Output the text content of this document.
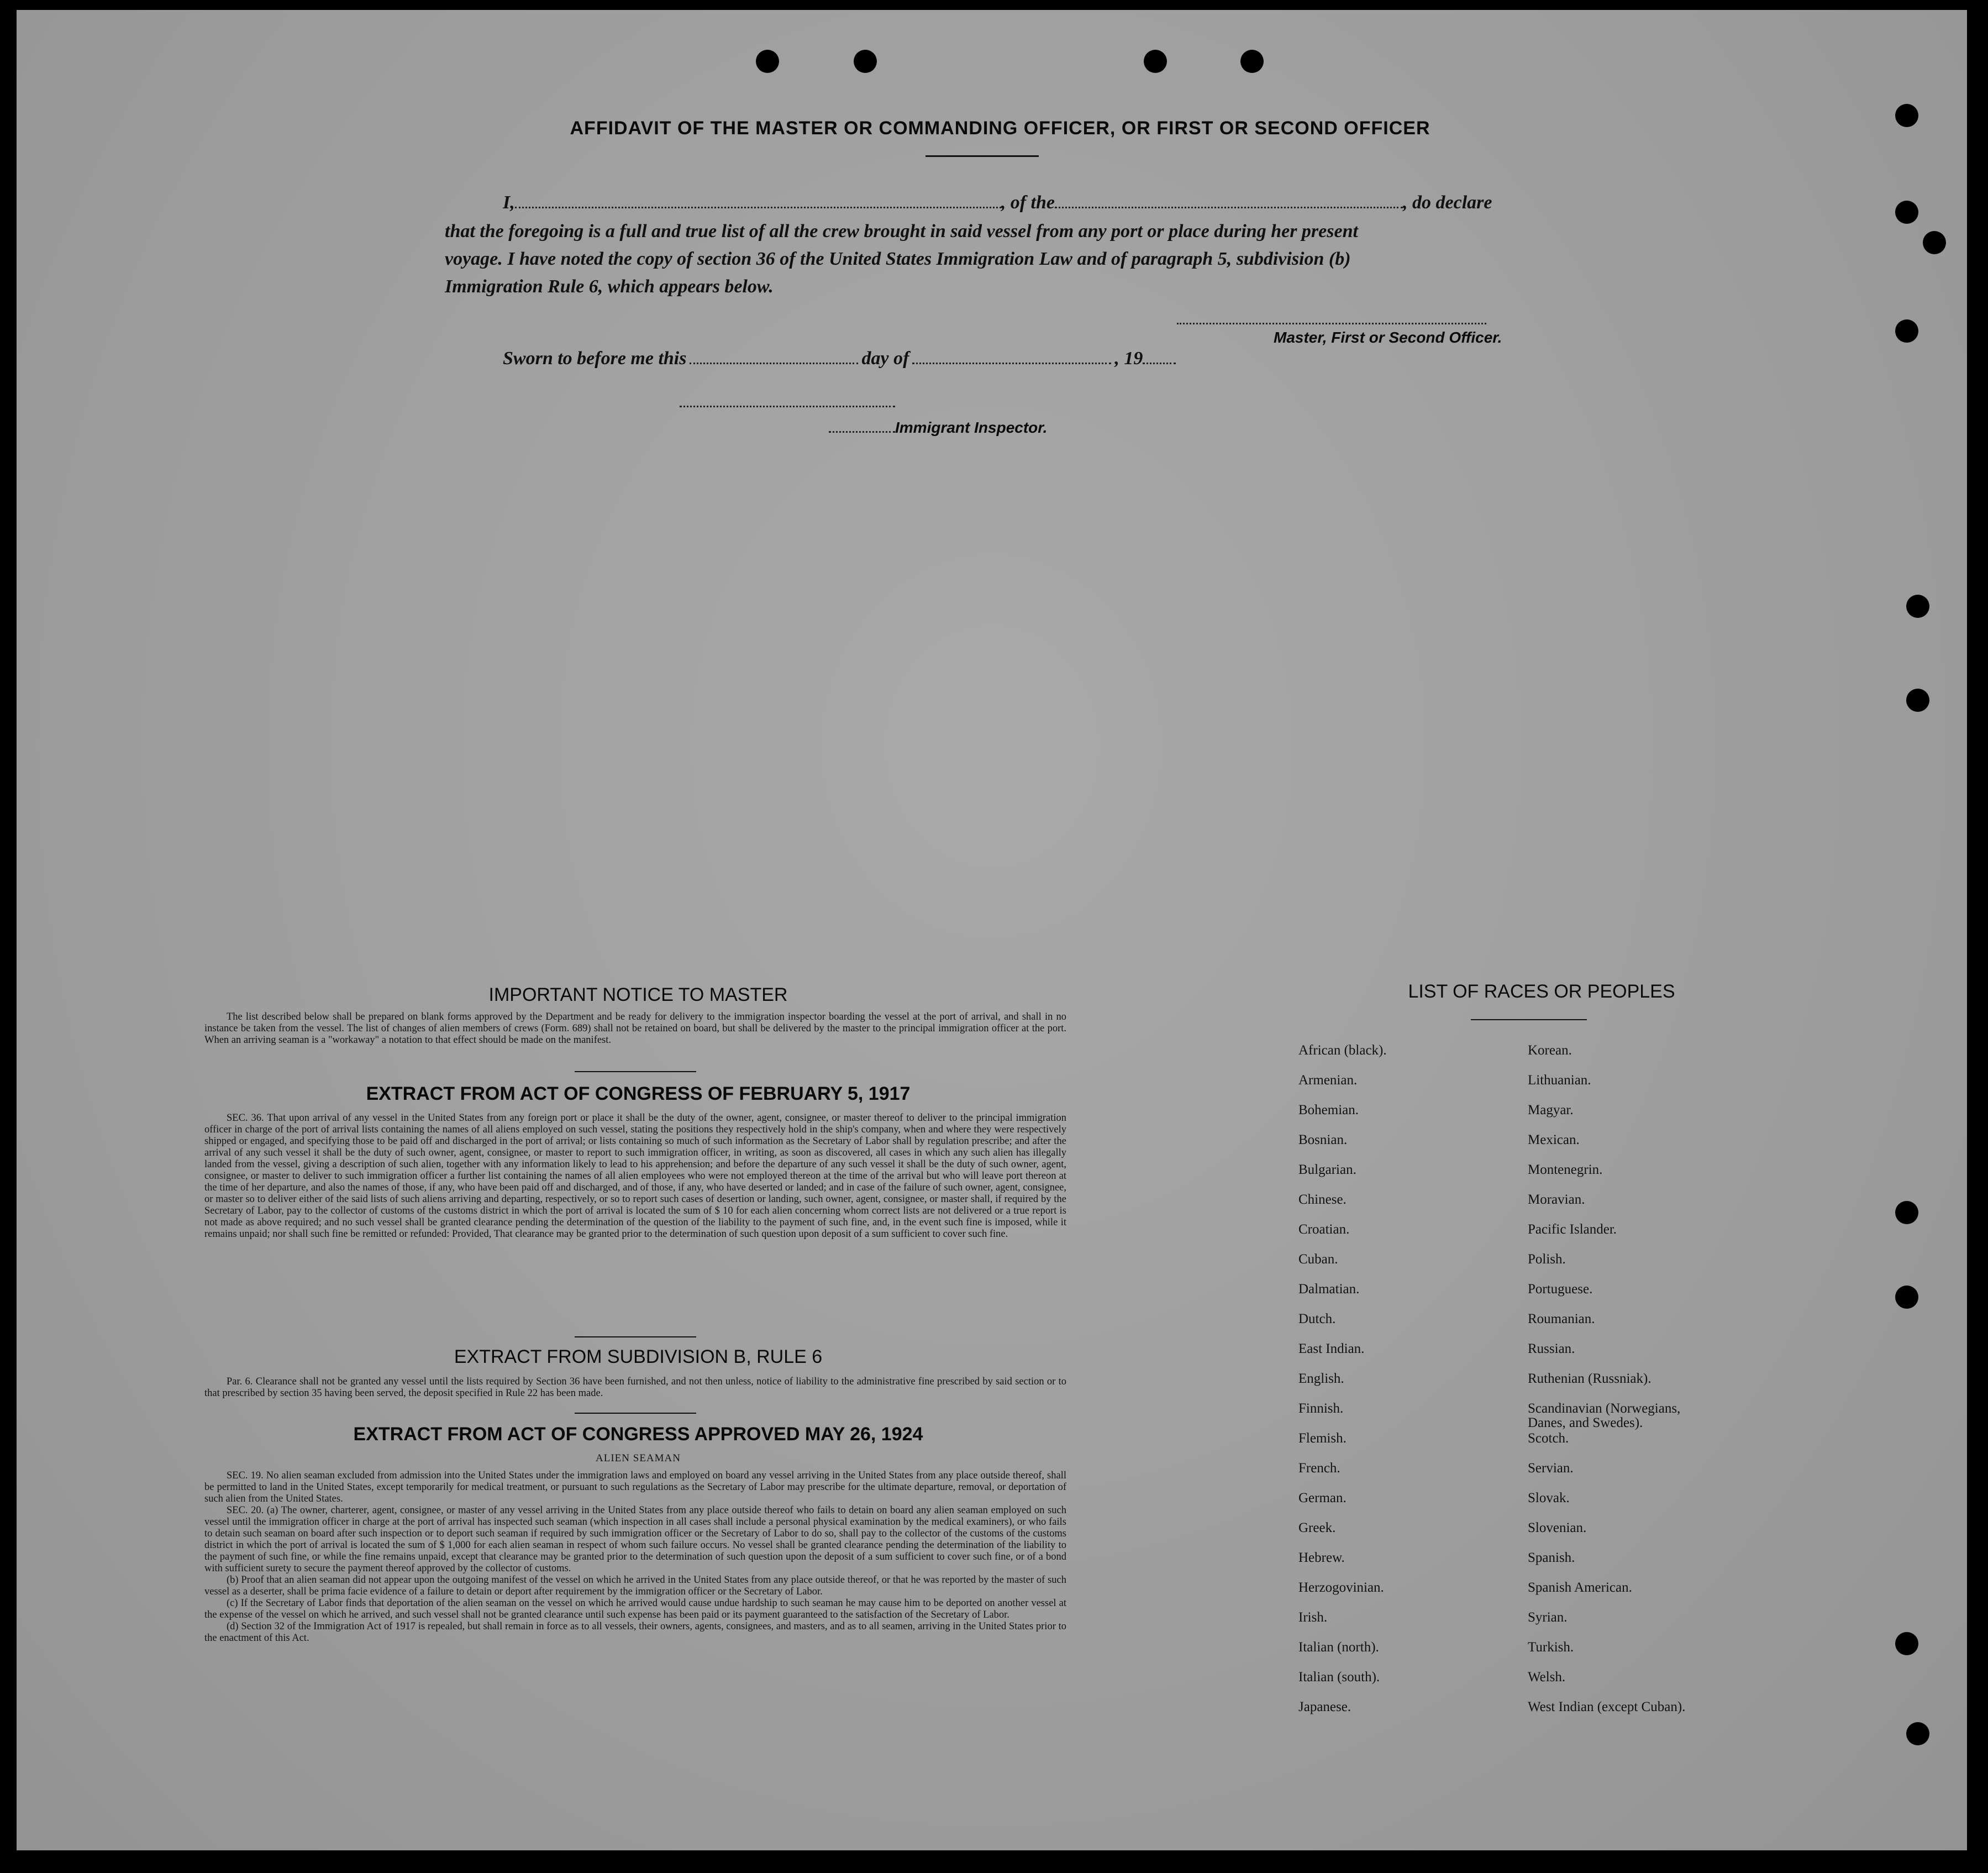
AFFIDAVIT OF THE MASTER OR COMMANDING OFFICER, OR FIRST OR SECOND OFFICER
I,	, of the	, do declare
that the foregoing is a full and true list of all the crew brought in said vessel from any port or place during her present
voyage. I have noted the copy of section 36 of the United States Immigration Law and of paragraph 5, subdivision (b)
Immigration Rule 6, which appears below.
Master, First or Second Officer.
Sworn to before me this	day of	, 19
Immigrant Inspector.
IMPORTANT NOTICE TO MASTER

The list described below shall be prepared on blank forms approved by the Department and be ready for delivery to the immigration inspector boarding the vessel at the port of arrival, and shall in no instance be taken from the vessel. The list of changes of alien members of crews (Form. 689) shall not be retained on board, but shall be delivered by the master to the principal immigration officer at the port. When an arriving seaman is a "workaway" a notation to that effect should be made on the manifest.

EXTRACT FROM ACT OF CONGRESS OF FEBRUARY 5, 1917

SEC. 36. That upon arrival of any vessel in the United States from any foreign port or place it shall be the duty of the owner, agent, consignee, or master thereof to deliver to the principal immigration officer in charge of the port of arrival lists containing the names of all aliens employed on such vessel, stating the positions they respectively hold in the ship's company, when and where they were respectively shipped or engaged, and specifying those to be paid off and discharged in the port of arrival; or lists containing so much of such information as the Secretary of Labor shall by regulation prescribe; and after the arrival of any such vessel it shall be the duty of such owner, agent, consignee, or master to report to such immigration officer, in writing, as soon as discovered, all cases in which any such alien has illegally landed from the vessel, giving a description of such alien, together with any information likely to lead to his apprehension; and before the departure of any such vessel it shall be the duty of such owner, agent, consignee, or master to deliver to such immigration officer a further list containing the names of all alien employees who were not employed thereon at the time of the arrival but who will leave port thereon at the time of her departure, and also the names of those, if any, who have been paid off and discharged, and of those, if any, who have deserted or landed; and in case of the failure of such owner, agent, consignee, or master so to deliver either of the said lists of such aliens arriving and departing, respectively, or so to report such cases of desertion or landing, such owner, agent, consignee, or master shall, if required by the Secretary of Labor, pay to the collector of customs of the customs district in which the port of arrival is located the sum of $ 10 for each alien concerning whom correct lists are not delivered or a true report is not made as above required; and no such vessel shall be granted clearance pending the determination of the question of the liability to the payment of such fine, and, in the event such fine is imposed, while it remains unpaid; nor shall such fine be remitted or refunded: Provided, That clearance may be granted prior to the determination of such question upon deposit of a sum sufficient to cover such fine.

EXTRACT FROM SUBDIVISION B, RULE 6

Par. 6. Clearance shall not be granted any vessel until the lists required by Section 36 have been furnished, and not then unless, notice of liability to the administrative fine prescribed by said section or to that prescribed by section 35 having been served, the deposit specified in Rule 22 has been made.

EXTRACT FROM ACT OF CONGRESS APPROVED MAY 26, 1924
ALIEN SEAMAN

SEC. 19. No alien seaman excluded from admission into the United States under the immigration laws and employed on board any vessel arriving in the United States from any place outside thereof, shall be permitted to land in the United States, except temporarily for medical treatment, or pursuant to such regulations as the Secretary of Labor may prescribe for the ultimate departure, removal, or deportation of such alien from the United States.

SEC. 20. (a) The owner, charterer, agent, consignee, or master of any vessel arriving in the United States from any place outside thereof who fails to detain on board any alien seaman employed on such vessel until the immigration officer in charge at the port of arrival has inspected such seaman (which inspection in all cases shall include a personal physical examination by the medical examiners), or who fails to detain such seaman on board after such inspection or to deport such seaman if required by such immigration officer or the Secretary of Labor to do so, shall pay to the collector of the customs of the customs district in which the port of arrival is located the sum of $ 1,000 for each alien seaman in respect of whom such failure occurs. No vessel shall be granted clearance pending the determination of the liability to the payment of such fine, or while the fine remains unpaid, except that clearance may be granted prior to the determination of such question upon the deposit of a sum sufficient to cover such fine, or of a bond with sufficient surety to secure the payment thereof approved by the collector of customs.

(b) Proof that an alien seaman did not appear upon the outgoing manifest of the vessel on which he arrived in the United States from any place outside thereof, or that he was reported by the master of such vessel as a deserter, shall be prima facie evidence of a failure to detain or deport after requirement by the immigration officer or the Secretary of Labor.

(c) If the Secretary of Labor finds that deportation of the alien seaman on the vessel on which he arrived would cause undue hardship to such seaman he may cause him to be deported on another vessel at the expense of the vessel on which he arrived, and such vessel shall not be granted clearance until such expense has been paid or its payment guaranteed to the satisfaction of the Secretary of Labor.

(d) Section 32 of the Immigration Act of 1917 is repealed, but shall remain in force as to all vessels, their owners, agents, consignees, and masters, and as to all seamen, arriving in the United States prior to the enactment of this Act.

LIST OF RACES OR PEOPLES
African (black).
Armenian.
Bohemian.
Bosnian.
Bulgarian.
Chinese.
Croatian.
Cuban.
Dalmatian.
Dutch.
East Indian.
English.
Finnish.
Flemish.
French.
German.
Greek.
Hebrew.
Herzogovinian.
Irish.
Italian (north).
Italian (south).
Japanese.
Korean.
Lithuanian.
Magyar.
Mexican.
Montenegrin.
Moravian.
Pacific Islander.
Polish.
Portuguese.
Roumanian.
Russian.
Ruthenian (Russniak).
Scandinavian (Norwegians, Danes, and Swedes).
Scotch.
Servian.
Slovak.
Slovenian.
Spanish.
Spanish American.
Syrian.
Turkish.
Welsh.
West Indian (except Cuban).
